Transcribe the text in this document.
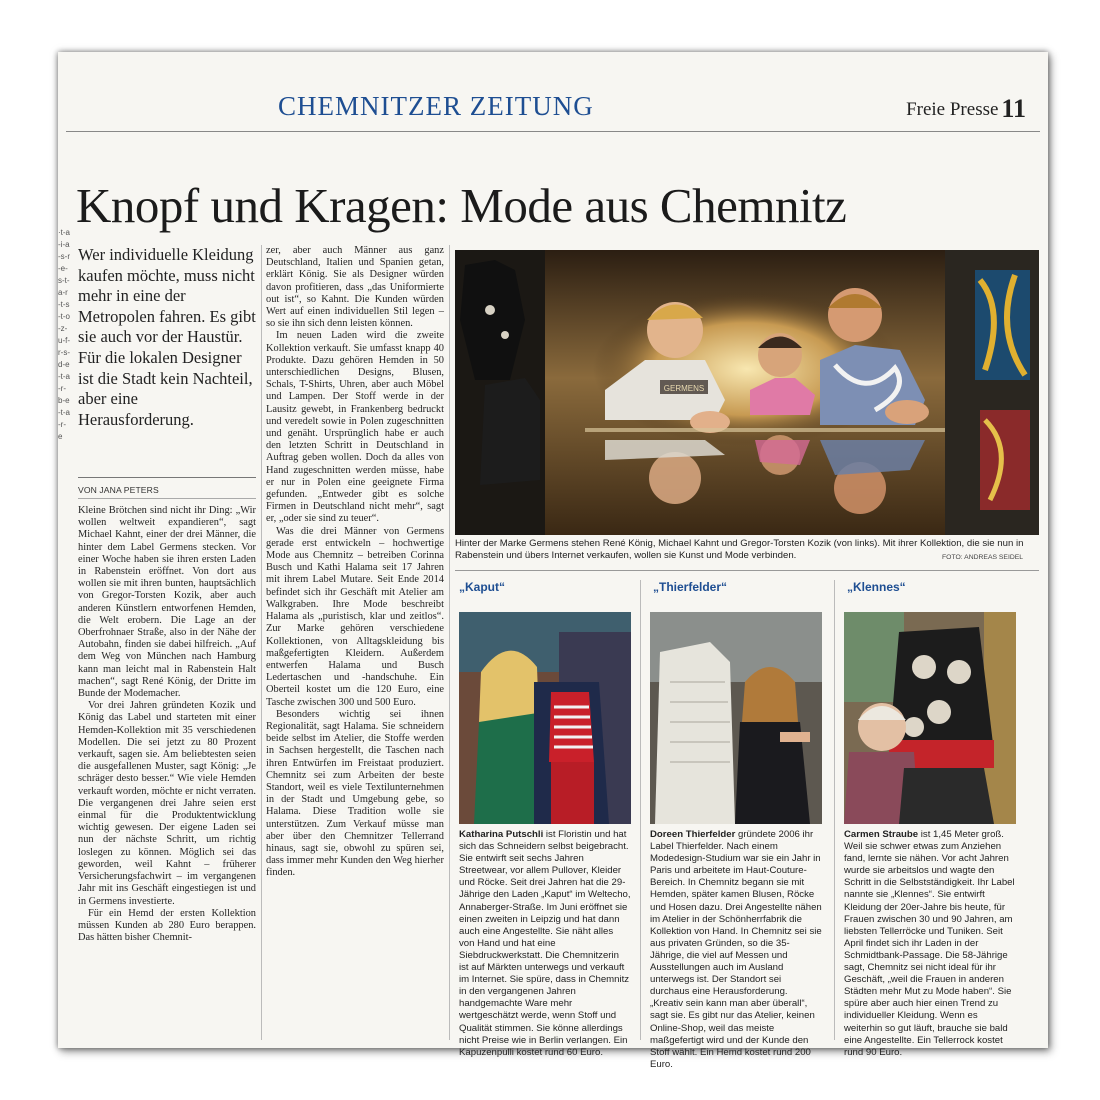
·t-a-i-a-s-r-e-s-t-a-r-t-s-t-o-z-u-f-r-s-d-e-t-a-r-b-e-t-a-r-e
CHEMNITZER ZEITUNG	Freie Presse 11
Knopf und Kragen: Mode aus Chemnitz
Wer individuelle Kleidung kaufen möchte, muss nicht mehr in eine der Metropolen fahren. Es gibt sie auch vor der Haustür. Für die lokalen Designer ist die Stadt kein Nachteil, aber eine Herausforderung.
VON JANA PETERS

Kleine Brötchen sind nicht ihr Ding: „Wir wollen weltweit expandieren“, sagt Michael Kahnt, einer der drei Männer, die hinter dem Label Germens stecken. Vor einer Woche haben sie ihren ersten Laden in Rabenstein eröffnet. Von dort aus wollen sie mit ihren bunten, hauptsächlich von Gregor-Torsten Kozik, aber auch anderen Künstlern entworfenen Hemden, die Welt erobern. Die Lage an der Oberfrohnaer Straße, also in der Nähe der Autobahn, finden sie dabei hilfreich. „Auf dem Weg von München nach Hamburg kann man leicht mal in Rabenstein Halt machen“, sagt René König, der Dritte im Bunde der Modemacher.

Vor drei Jahren gründeten Kozik und König das Label und starteten mit einer Hemden-Kollektion mit 35 verschiedenen Modellen. Die sei jetzt zu 80 Prozent verkauft, sagen sie. Am beliebtesten seien die ausgefallenen Muster, sagt König: „Je schräger desto besser.“ Wie viele Hemden verkauft worden, möchte er nicht verraten. Die vergangenen drei Jahre seien erst einmal für die Produktentwicklung wichtig gewesen. Der eigene Laden sei nun der nächste Schritt, um richtig loslegen zu können. Möglich sei das geworden, weil Kahnt – früherer Versicherungsfachwirt – im vergangenen Jahr mit ins Geschäft eingestiegen ist und in Germens investierte.

Für ein Hemd der ersten Kollektion müssen Kunden ab 280 Euro berappen. Das hätten bisher Chemnit-

zer, aber auch Männer aus ganz Deutschland, Italien und Spanien getan, erklärt König. Sie als Designer würden davon profitieren, dass „das Uniformierte out ist“, so Kahnt. Die Kunden würden Wert auf einen individuellen Stil legen – so sie ihn sich denn leisten können.

Im neuen Laden wird die zweite Kollektion verkauft. Sie umfasst knapp 40 Produkte. Dazu gehören Hemden in 50 unterschiedlichen Designs, Blusen, Schals, T-Shirts, Uhren, aber auch Möbel und Lampen. Der Stoff werde in der Lausitz gewebt, in Frankenberg bedruckt und veredelt sowie in Polen zugeschnitten und genäht. Ursprünglich habe er auch den letzten Schritt in Deutschland in Auftrag geben wollen. Doch da alles von Hand zugeschnitten werden müsse, habe er nur in Polen eine geeignete Firma gefunden. „Entweder gibt es solche Firmen in Deutschland nicht mehr“, sagt er, „oder sie sind zu teuer“.

Was die drei Männer von Germens gerade erst entwickeln – hochwertige Mode aus Chemnitz – betreiben Corinna Busch und Kathi Halama seit 17 Jahren mit ihrem Label Mutare. Seit Ende 2014 befindet sich ihr Geschäft mit Atelier am Walkgraben. Ihre Mode beschreibt Halama als „puristisch, klar und zeitlos“. Zur Marke gehören verschiedene Kollektionen, von Alltagskleidung bis maßgefertigten Kleidern. Außerdem entwerfen Halama und Busch Ledertaschen und -handschuhe. Ein Oberteil kostet um die 120 Euro, eine Tasche zwischen 300 und 500 Euro.

Besonders wichtig sei ihnen Regionalität, sagt Halama. Sie schneidern beide selbst im Atelier, die Stoffe werden in Sachsen hergestellt, die Taschen nach ihren Entwürfen im Freistaat produziert. Chemnitz sei zum Arbeiten der beste Standort, weil es viele Textilunternehmen in der Stadt und Umgebung gebe, so Halama. Diese Tradition wolle sie unterstützen. Zum Verkauf müsse man aber über den Chemnitzer Tellerrand hinaus, sagt sie, obwohl zu spüren sei, dass immer mehr Kunden den Weg hierher finden.

GERMENS
Hinter der Marke Germens stehen René König, Michael Kahnt und Gregor-Torsten Kozik (von links). Mit ihrer Kollektion, die sie nun in Rabenstein und übers Internet verkaufen, wollen sie Kunst und Mode verbinden.	FOTO: ANDREAS SEIDEL
„Kaput“
Katharina Putschli ist Floristin und hat sich das Schneidern selbst beigebracht. Sie entwirft seit sechs Jahren Streetwear, vor allem Pullover, Kleider und Röcke. Seit drei Jahren hat die 29-Jährige den Laden „Kaput“ im Weltecho, Annaberger-Straße. Im Juni eröffnet sie einen zweiten in Leipzig und hat dann auch eine Angestellte. Sie näht alles von Hand und hat eine Siebdruckwerkstatt. Die Chemnitzerin ist auf Märkten unterwegs und verkauft im Internet. Sie spüre, dass in Chemnitz in den vergangenen Jahren handgemachte Ware mehr wertgeschätzt werde, wenn Stoff und Qualität stimmen. Sie könne allerdings nicht Preise wie in Berlin verlangen. Ein Kapuzenpulli kostet rund 60 Euro.
„Thierfelder“
Doreen Thierfelder gründete 2006 ihr Label Thierfelder. Nach einem Modedesign-Studium war sie ein Jahr in Paris und arbeitete im Haut-Couture-Bereich. In Chemnitz begann sie mit Hemden, später kamen Blusen, Röcke und Hosen dazu. Drei Angestellte nähen im Atelier in der Schönherrfabrik die Kollektion von Hand. In Chemnitz sei sie aus privaten Gründen, so die 35-Jährige, die viel auf Messen und Ausstellungen auch im Ausland unterwegs ist. Der Standort sei durchaus eine Herausforderung. „Kreativ sein kann man aber überall“, sagt sie. Es gibt nur das Atelier, keinen Online-Shop, weil das meiste maßgefertigt wird und der Kunde den Stoff wählt. Ein Hemd kostet rund 200 Euro.
„Klennes“
Carmen Straube ist 1,45 Meter groß. Weil sie schwer etwas zum Anziehen fand, lernte sie nähen. Vor acht Jahren wurde sie arbeitslos und wagte den Schritt in die Selbstständigkeit. Ihr Label nannte sie „Klennes“. Sie entwirft Kleidung der 20er-Jahre bis heute, für Frauen zwischen 30 und 90 Jahren, am liebsten Tellerröcke und Tuniken. Seit April findet sich ihr Laden in der Schmidtbank-Passage. Die 58-Jährige sagt, Chemnitz sei nicht ideal für ihr Geschäft, „weil die Frauen in anderen Städten mehr Mut zu Mode haben“. Sie spüre aber auch hier einen Trend zu individueller Kleidung. Wenn es weiterhin so gut läuft, brauche sie bald eine Angestellte. Ein Tellerrock kostet rund 90 Euro.
